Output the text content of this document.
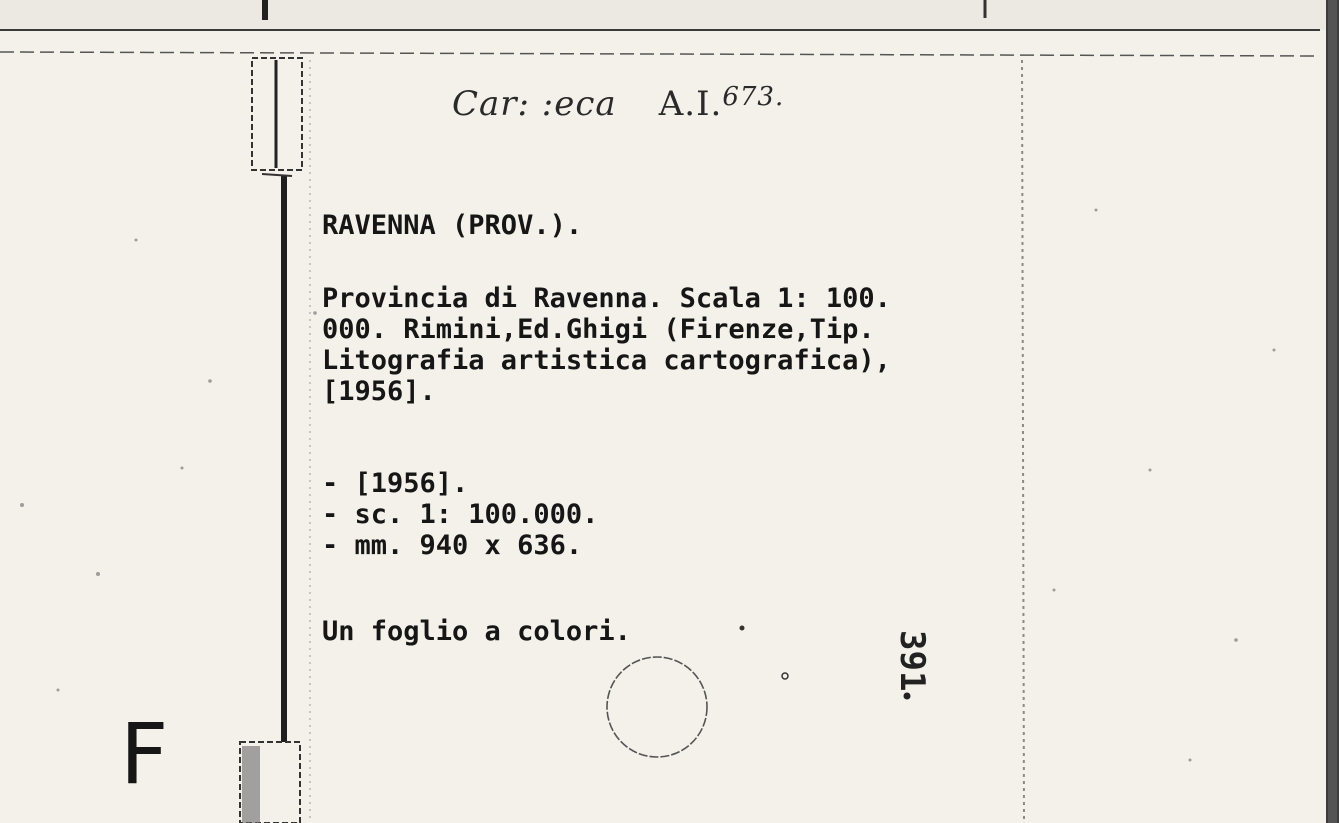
Car: :eca A.I.$^{673.}$

RAVENNA (PROV.).

Provincia di Ravenna. Scala 1: 100.
000. Rimini,Ed.Ghigi (Firenze,Tip.
Litografia artistica cartografica),
[1956].

- [1956].
- sc. 1: 100.000.
- mm. 940 x 636.

Un foglio a colori.	391
F
